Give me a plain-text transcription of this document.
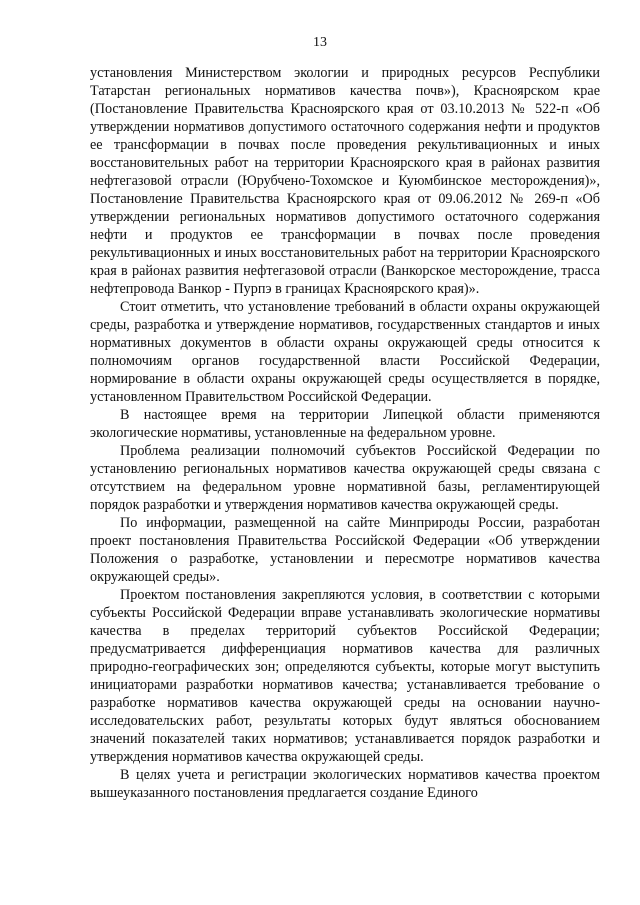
13

установления Министерством экологии и природных ресурсов Республики Татарстан региональных нормативов качества почв»), Красноярском крае (Постановление Правительства Красноярского края от 03.10.2013 № 522-п «Об утверждении нормативов допустимого остаточного содержания нефти и продуктов ее трансформации в почвах после проведения рекультивационных и иных восстановительных работ на территории Красноярского края в районах развития нефтегазовой отрасли (Юрубчено-Тохомское и Куюмбинское месторождения)», Постановление Правительства Красноярского края от 09.06.2012 № 269-п «Об утверждении региональных нормативов допустимого остаточного содержания нефти и продуктов ее трансформации в почвах после проведения рекультивационных и иных восстановительных работ на территории Красноярского края в районах развития нефтегазовой отрасли (Ванкорское месторождение, трасса нефтепровода Ванкор - Пурпэ в границах Красноярского края)».

Стоит отметить, что установление требований в области охраны окружающей среды, разработка и утверждение нормативов, государственных стандартов и иных нормативных документов в области охраны окружающей среды относится к полномочиям органов государственной власти Российской Федерации, нормирование в области охраны окружающей среды осуществляется в порядке, установленном Правительством Российской Федерации.

В настоящее время на территории Липецкой области применяются экологические нормативы, установленные на федеральном уровне.

Проблема реализации полномочий субъектов Российской Федерации по установлению региональных нормативов качества окружающей среды связана с отсутствием на федеральном уровне нормативной базы, регламентирующей порядок разработки и утверждения нормативов качества окружающей среды.

По информации, размещенной на сайте Минприроды России, разработан проект постановления Правительства Российской Федерации «Об утверждении Положения о разработке, установлении и пересмотре нормативов качества окружающей среды».

Проектом постановления закрепляются условия, в соответствии с которыми субъекты Российской Федерации вправе устанавливать экологические нормативы качества в пределах территорий субъектов Российской Федерации; предусматривается дифференциация нормативов качества для различных природно-географических зон; определяются субъекты, которые могут выступить инициаторами разработки нормативов качества; устанавливается требование о разработке нормативов качества окружающей среды на основании научно-исследовательских работ, результаты которых будут являться обоснованием значений показателей таких нормативов; устанавливается порядок разработки и утверждения нормативов качества окружающей среды.

В целях учета и регистрации экологических нормативов качества проектом вышеуказанного постановления предлагается создание Единого
